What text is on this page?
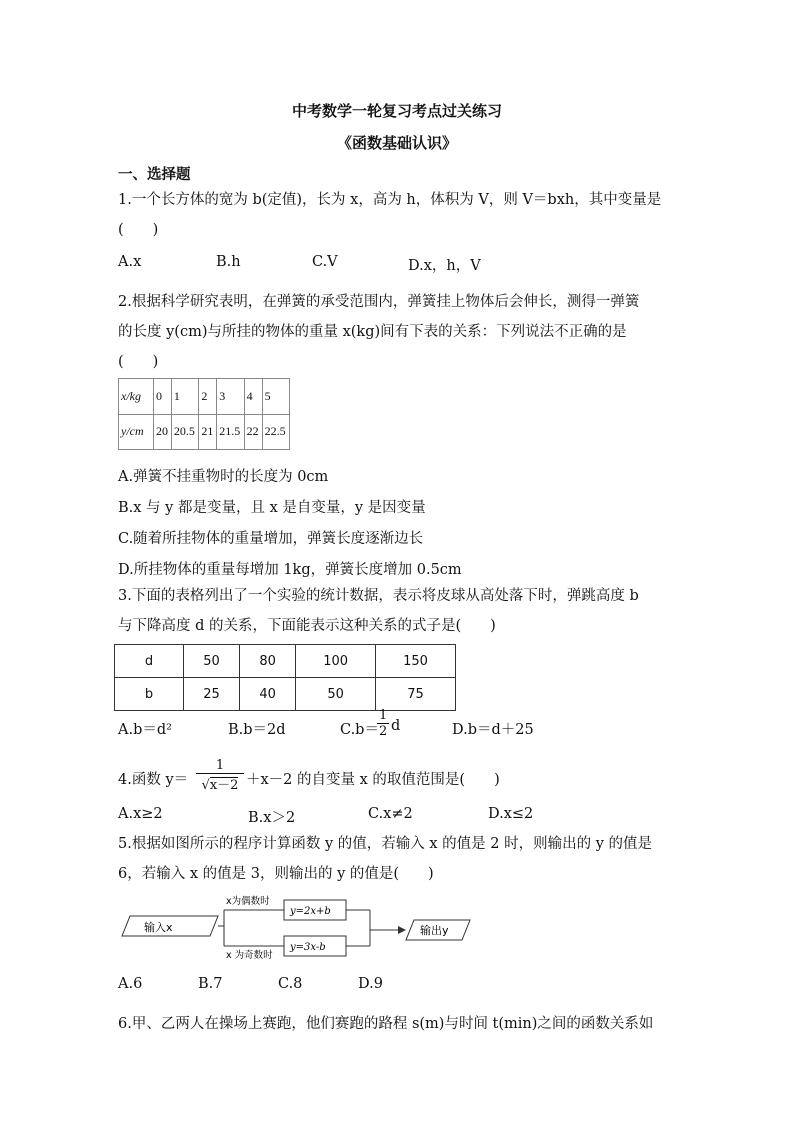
中考数学一轮复习考点过关练习
《函数基础认识》
一、选择题
1.一个长方体的宽为 b(定值)，长为 x，高为 h，体积为 V，则 V＝bxh，其中变量是
(　　)
A.x	B.h	C.V	D.x，h，V
2.根据科学研究表明，在弹簧的承受范围内，弹簧挂上物体后会伸长，测得一弹簧
的长度 y(cm)与所挂的物体的重量 x(kg)间有下表的关系：下列说法不正确的是
(　　)
x/kg	0	1	2	3	4	5
y/cm	20	20.5	21	21.5	22	22.5
A.弹簧不挂重物时的长度为 0cm
B.x 与 y 都是变量，且 x 是自变量，y 是因变量
C.随着所挂物体的重量增加，弹簧长度逐渐边长
D.所挂物体的重量每增加 1kg，弹簧长度增加 0.5cm
3.下面的表格列出了一个实验的统计数据，表示将皮球从高处落下时，弹跳高度 b
与下降高度 d 的关系，下面能表示这种关系的式子是(　　)
d	50	80	100	150
b	25	40	50	75
A.b＝d²	B.b＝2d	C.b＝
$\frac{1}{2}$ d	D.b＝d＋25
4.函数 $y= \frac{1}{√x-2} +x-2$ 的自变量 x 的取值范围是(　　)
A.x≥2	B.x＞2	C.x≠2	D.x≤2
5.根据如图所示的程序计算函数 y 的值，若输入 x 的值是 2 时，则输出的 y 的值是
6，若输入 x 的值是 3，则输出的 y 的值是(　　)
输入x
x为偶数时
x 为奇数时
y=2x+b
y=3x-b
输出y
A.6	B.7	C.8	D.9
6.甲、乙两人在操场上赛跑，他们赛跑的路程 s(m)与时间 t(min)之间的函数关系如
